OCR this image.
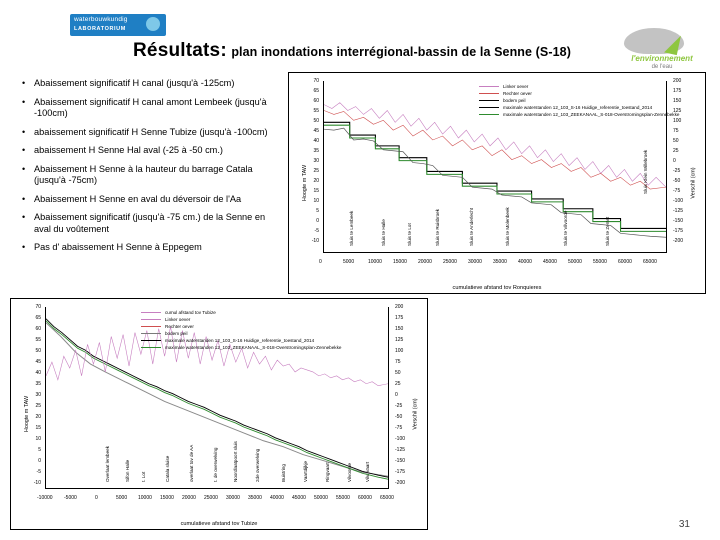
waterbouwkundig
LABORATORIUM
l'environnement
de l'eau
Résultats: plan inondations interrégional-bassin de la Senne (S-18)
• Abaissement significatif H canal (jusqu'à -125cm)
• Abaissement significatif H canal amont Lembeek (jusqu'à -100cm)
• abaissement significatif H Senne Tubize (jusqu'à -100cm)
• abaissement H Senne Hal aval (-25 à -50 cm.)
• Abaissement H Senne à la hauteur du barrage Catala (jusqu'à -75cm)
• Abaissement H Senne en aval du déversoir de l'Aa
• Abaissement significatif (jusqu'à -75 cm.) de la Senne en aval du voûtement
• Pas d' abaissement H Senne à Eppegem
Hoogte m TAW	Verschil (cm)
cumulatieve afstand tov Ronquieres
70
65
60
55
50
45
40
35
30
25
20
15
10
5
0
-5
-10
200
175
150
125
100
75
50
25
0
-25
-50
-75
-100
-125
-150
-175
-200
0	5000	10000 15000 20000 25000 30000 35000 40000 45000 50000 55000 60000 65000
Sluis te Lembeek	Sluis te Halle	Sluis te Lot	Sluis te Ruisbroek	Sluis te Anderlecht	Sluis te Molenbeek	Sluis te Vilvoorde	Sluis te Zemst
Sluis Klein Willebroek
Linker oever
Rechter oever
bodem peil
maximale waterstanden 12_103_S-16 Huidige_referentie_toestand_2014
maximale waterstanden 12_103_ZEEKANAAL_S-018-Overstromingsplan-Zennebekke
Hoogte m TAW	Verschil (cm)
cumulatieve afstand tov Tubize
70
65
60
55
50
45
40
35
30
25
20
15
10
5
0
-5
-10
200
175
150
125
100
75
50
25
0
-25
-50
-75
-100
-125
-150
-175
-200
-10000 -5000	0	5000 10000 15000 20000 25000 30000 35000 40000 45000 50000 55000 60000 65000
Overlaat lembeek	Sifon Halle t. Lot	Catala sluise	overlaat tov de AA	t. de overwelving	Noordlaatpoort sluis	2de overwelving	Buistring	Vaartdijkje	Ringvaart	Vilvoorde	Vilv. Vaart
cumul afstand tov Tubize
Linker oever
Rechter oever
bodem peil
maximale waterstanden 12_103_S-16 Huidige_referentie_toestand_2014
maximale waterstanden 12_103_ZEEKANAAL_S-018-Overstromingsplan-Zennebekke
31
